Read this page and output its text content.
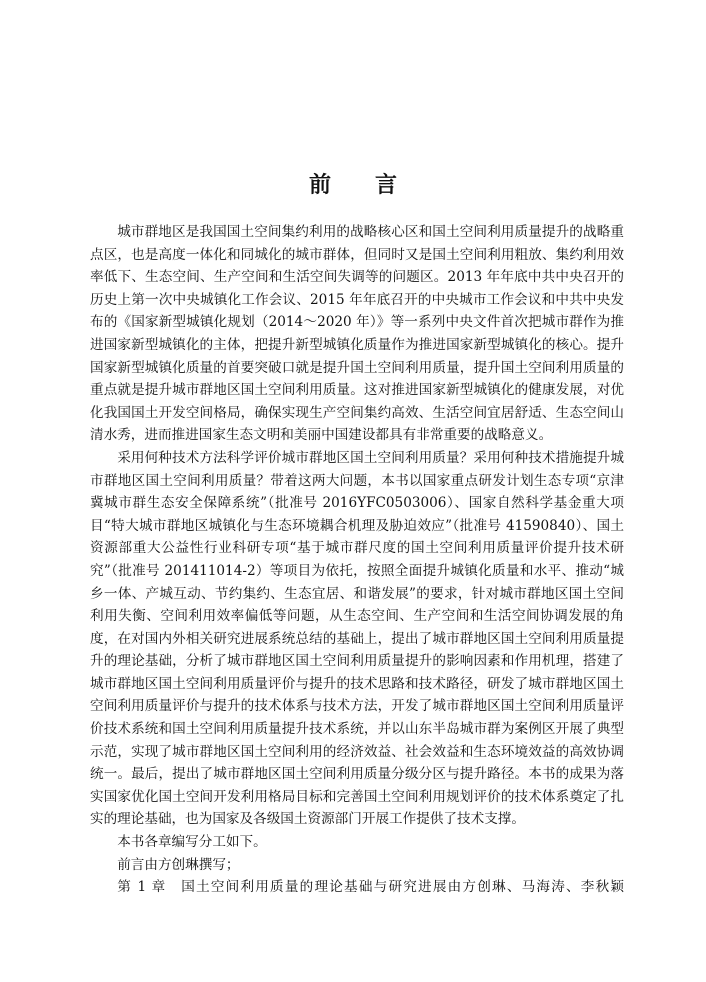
前言

城市群地区是我国国土空间集约利用的战略核心区和国土空间利用质量提升的战略重点区，也是高度一体化和同城化的城市群体，但同时又是国土空间利用粗放、集约利用效率低下、生态空间、生产空间和生活空间失调等的问题区。2013 年年底中共中央召开的历史上第一次中央城镇化工作会议、2015 年年底召开的中央城市工作会议和中共中央发布的《国家新型城镇化规划（2014～2020 年）》等一系列中央文件首次把城市群作为推进国家新型城镇化的主体，把提升新型城镇化质量作为推进国家新型城镇化的核心。提升国家新型城镇化质量的首要突破口就是提升国土空间利用质量，提升国土空间利用质量的重点就是提升城市群地区国土空间利用质量。这对推进国家新型城镇化的健康发展，对优化我国国土开发空间格局，确保实现生产空间集约高效、生活空间宜居舒适、生态空间山清水秀，进而推进国家生态文明和美丽中国建设都具有非常重要的战略意义。

采用何种技术方法科学评价城市群地区国土空间利用质量？采用何种技术措施提升城市群地区国土空间利用质量？带着这两大问题，本书以国家重点研发计划生态专项“京津冀城市群生态安全保障系统”（批准号 2016YFC0503006）、国家自然科学基金重大项目“特大城市群地区城镇化与生态环境耦合机理及胁迫效应”（批准号 41590840）、国土资源部重大公益性行业科研专项“基于城市群尺度的国土空间利用质量评价提升技术研究”（批准号 201411014-2）等项目为依托，按照全面提升城镇化质量和水平、推动“城乡一体、产城互动、节约集约、生态宜居、和谐发展”的要求，针对城市群地区国土空间利用失衡、空间利用效率偏低等问题，从生态空间、生产空间和生活空间协调发展的角度，在对国内外相关研究进展系统总结的基础上，提出了城市群地区国土空间利用质量提升的理论基础，分析了城市群地区国土空间利用质量提升的影响因素和作用机理，搭建了城市群地区国土空间利用质量评价与提升的技术思路和技术路径，研发了城市群地区国土空间利用质量评价与提升的技术体系与技术方法，开发了城市群地区国土空间利用质量评价技术系统和国土空间利用质量提升技术系统，并以山东半岛城市群为案例区开展了典型示范，实现了城市群地区国土空间利用的经济效益、社会效益和生态环境效益的高效协调统一。最后，提出了城市群地区国土空间利用质量分级分区与提升路径。本书的成果为落实国家优化国土空间开发利用格局目标和完善国土空间利用规划评价的技术体系奠定了扎实的理论基础，也为国家及各级国土资源部门开展工作提供了技术支撑。

本书各章编写分工如下。

前言由方创琳撰写；

第 1 章　国土空间利用质量的理论基础与研究进展由方创琳、马海涛、李秋颖
